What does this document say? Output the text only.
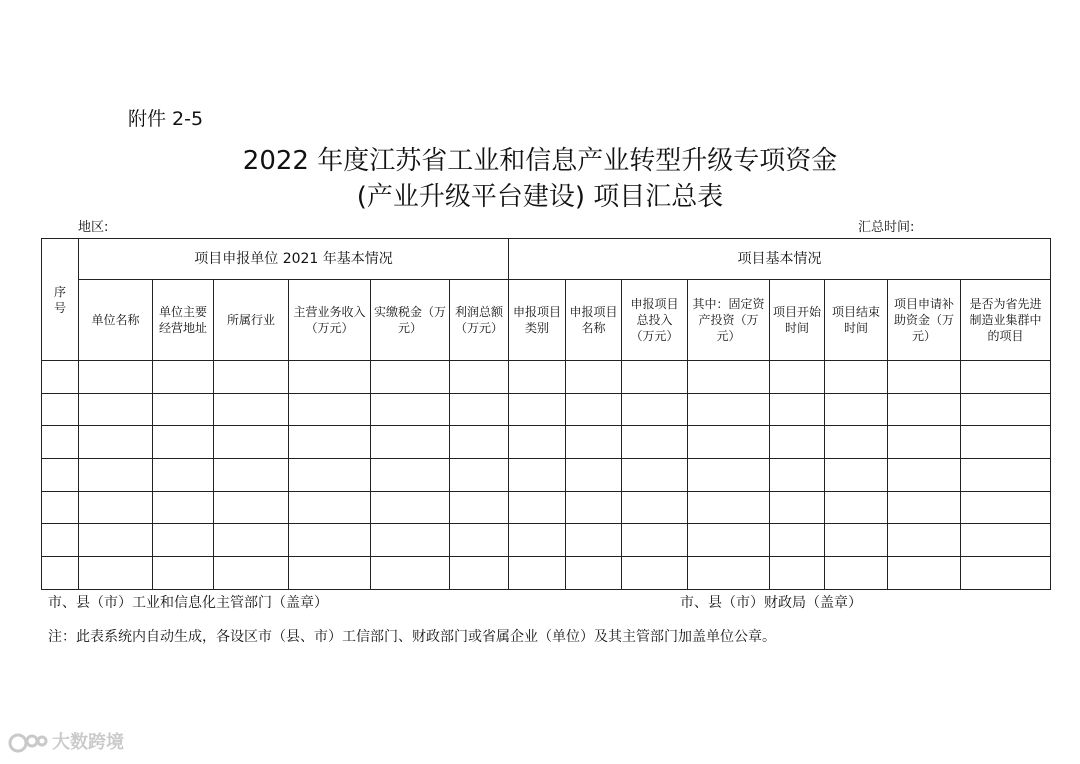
附件 2-5
2022 年度江苏省工业和信息产业转型升级专项资金
(产业升级平台建设) 项目汇总表
地区:	汇总时间:
序
号	项目申报单位 2021 年基本情况						项目基本情况							
	单位名称	单位主要经营地址	所属行业	主营业务收入（万元）	实缴税金（万元）	利润总额（万元）	申报项目类别	申报项目名称	申报项目总投入（万元）	其中：固定资产投资（万元）	项目开始时间	项目结束时间	项目申请补助资金（万元）	是否为省先进制造业集群中的项目

市、县（市）工业和信息化主管部门（盖章）	市、县（市）财政局（盖章）
注：此表系统内自动生成，各设区市（县、市）工信部门、财政部门或省属企业（单位）及其主管部门加盖单位公章。
大数跨境
